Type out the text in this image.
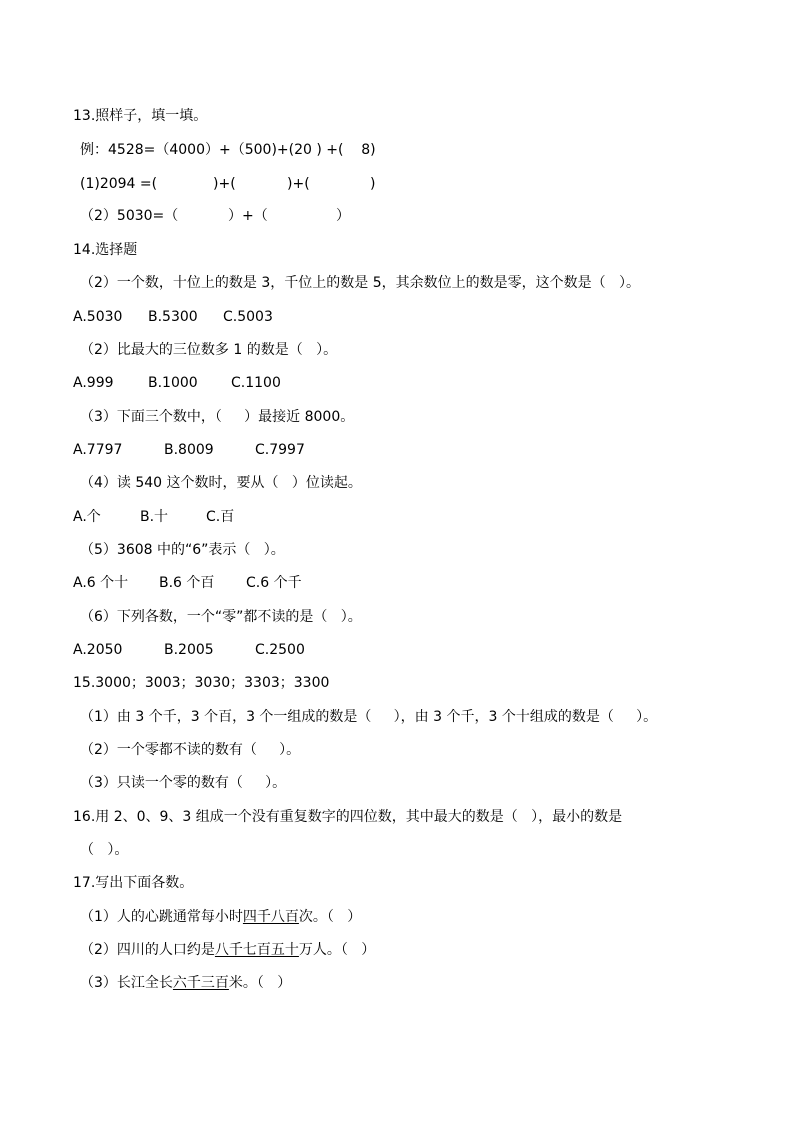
13.照样子，填一填。
例：4528=（4000）+（500)+(20 ) +(    8)

(1)2094 =(

	)+(

	)+(

	)

（2）5030=（

	）+（

	）

14.选择题
（2）一个数，十位上的数是 3，千位上的数是 5，其余数位上的数是零，这个数是（   ）。

A.5030

B.5300

C.5003

（2）比最大的三位数多 1 的数是（   ）。

A.999

B.1000

C.1100

（3）下面三个数中，（     ）最接近 8000。

A.7797

	B.8009

	C.7997

（4）读 540 这个数时，要从（   ）位读起。

A.个

	B.十

	C.百

（5）3608 中的“6”表示（   ）。

A.6 个十

B.6 个百

C.6 个千

（6）下列各数，一个“零”都不读的是（   ）。

A.2050

	B.2005

	C.2500

15.3000；3003；3030；3303；3300
（1）由 3 个千，3 个百，3 个一组成的数是（     ），由 3 个千，3 个十组成的数是（     ）。
（2）一个零都不读的数有（     ）。
（3）只读一个零的数有（     ）。
16.用 2、0、9、3 组成一个没有重复数字的四位数，其中最大的数是（   ），最小的数是
（   ）。
17.写出下面各数。
（1）人的心跳通常每小时四千八百次。（   ）
（2）四川的人口约是八千七百五十万人。（   ）
（3）长江全长六千三百米。（   ）
